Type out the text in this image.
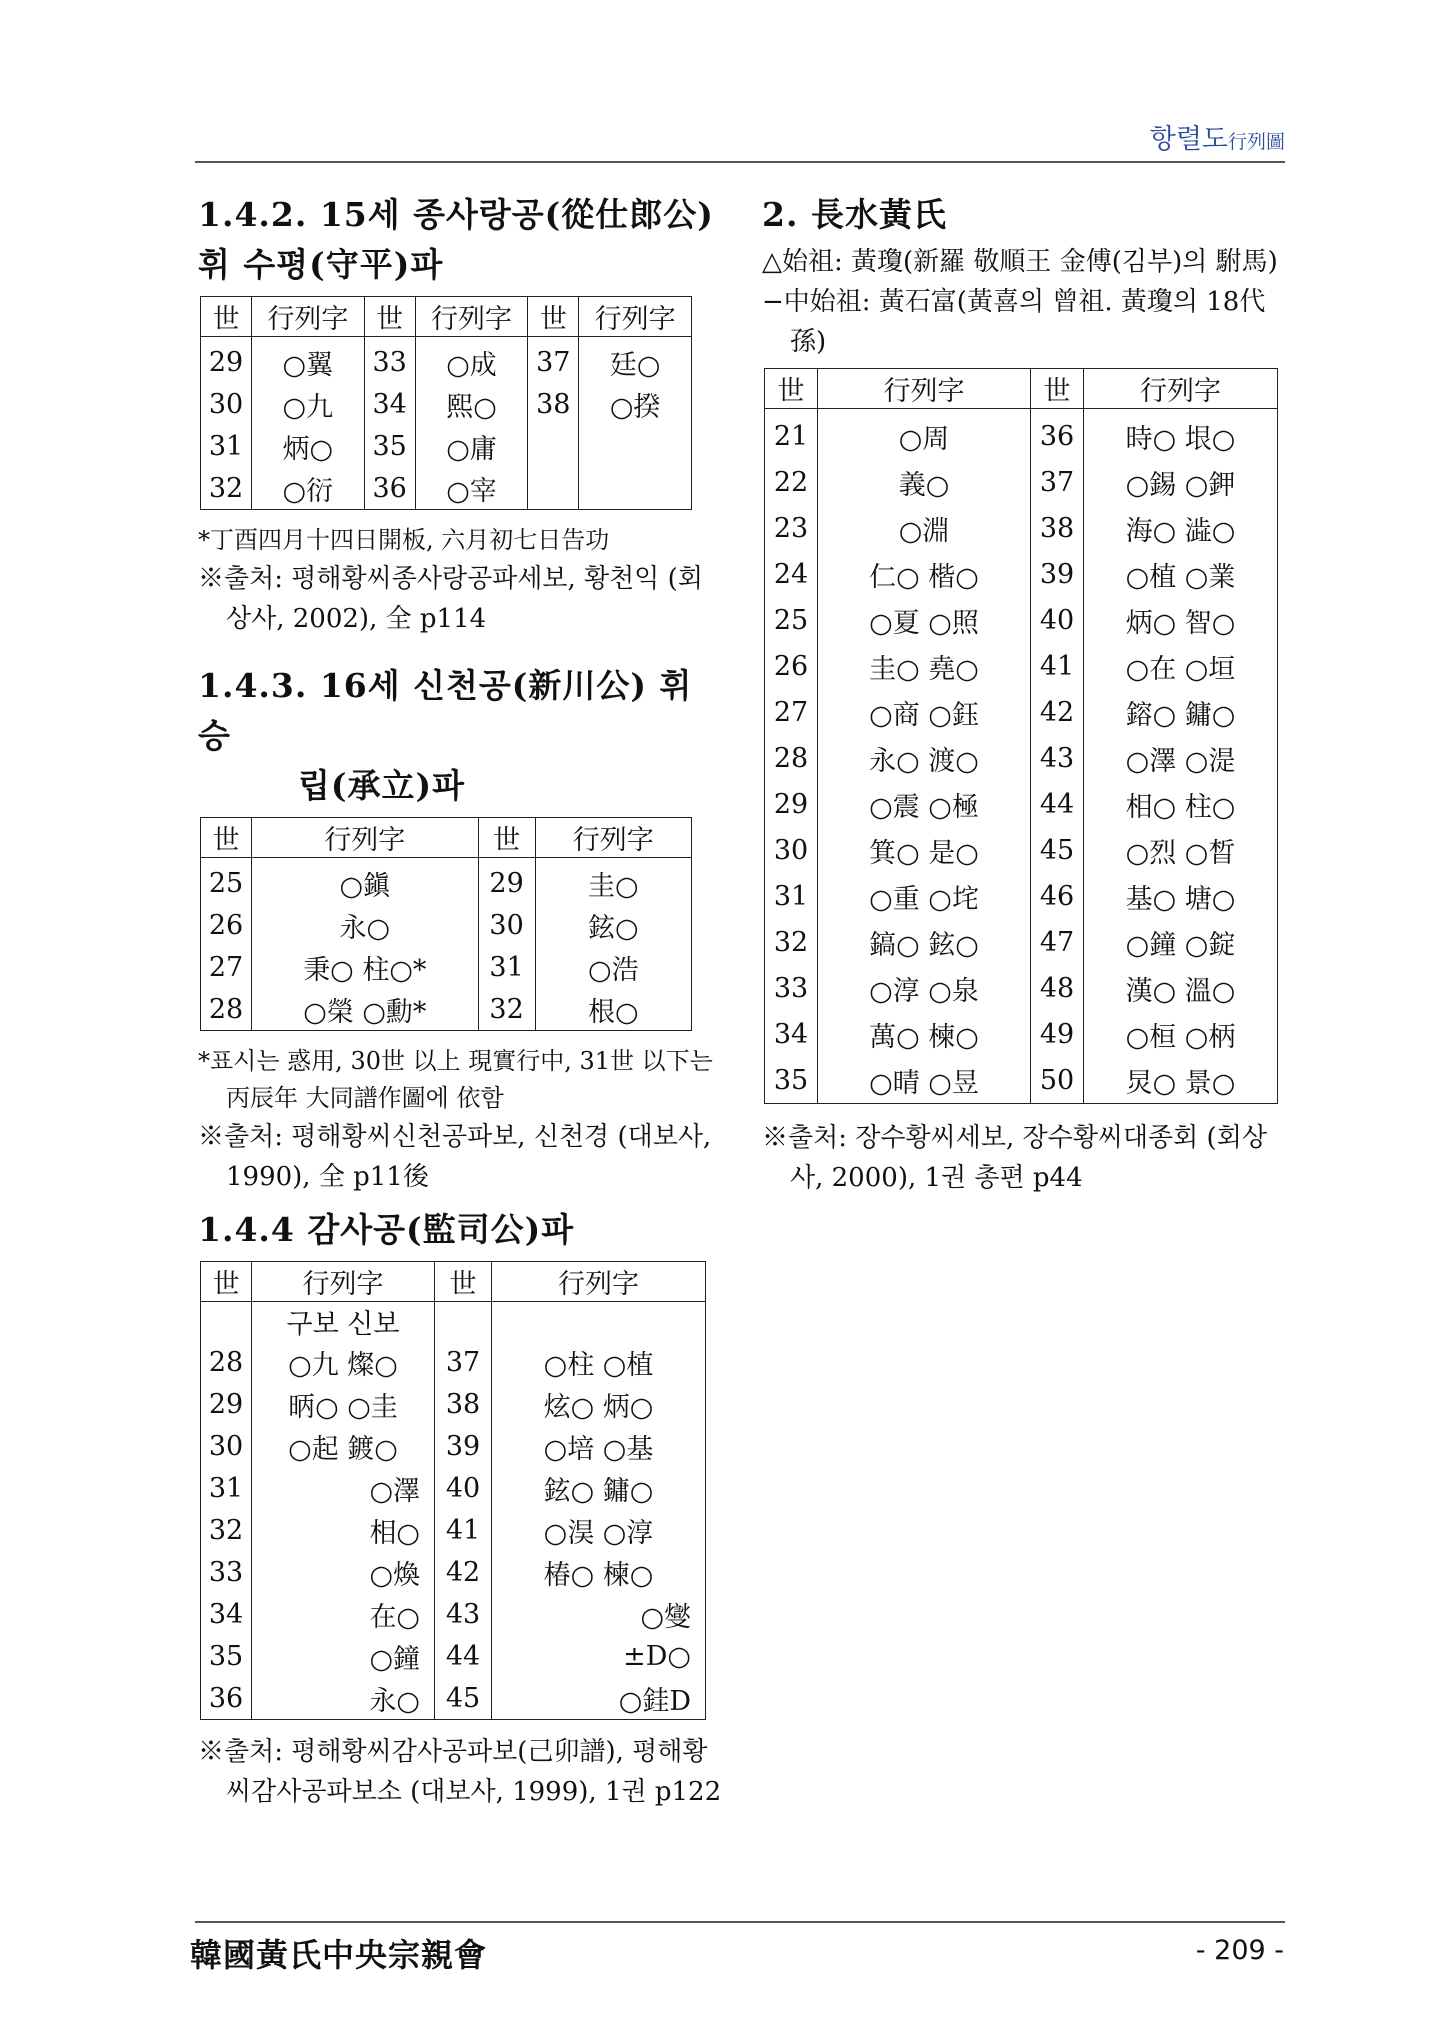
항렬도行列圖
1.4.2. 15세 종사랑공(從仕郎公)
휘 수평(守平)파
世	行列字	世	行列字	世	行列字
29	○翼	33	○成	37	廷○
30	○九	34	熙○	38	○揆
31	炳○	35	○庸		
32	○衍	36	○宰		

*丁酉四月十四日開板, 六月初七日告功

※출처: 평해황씨종사랑공파세보, 황천익 (회상사, 2002), 全 p114

1.4.3. 16세 신천공(新川公) 휘 승
립(承立)파
世	行列字	世	行列字
25	○鎭	29	圭○
26	永○	30	鉉○
27	秉○ 柱○*	31	○浩
28	○榮 ○勳*	32	根○

*표시는 惑用, 30世 以上 現實行中, 31世 以下는 丙辰年 大同譜作圖에 依함

※출처: 평해황씨신천공파보, 신천경 (대보사, 1990), 全 p11後

1.4.4 감사공(監司公)파
世	行列字	世	行列字
	구보 신보		
28	○九 燦○	37	○柱 ○植
29	昞○ ○圭	38	炫○ 炳○
30	○起 鍍○	39	○培 ○基
31	○澤	40	鉉○ 鏞○
32	相○	41	○淏 ○淳
33	○煥	42	椿○ 楝○
34	在○	43	○燮
35	○鐘	44	±D○
36	永○	45	○銈D

※출처: 평해황씨감사공파보(己卯譜), 평해황씨감사공파보소 (대보사, 1999), 1권 p122

2. 長水黃氏

△始祖: 黃瓊(新羅 敬順王 金傅(김부)의 駙馬)

−中始祖: 黃石富(黃喜의 曾祖. 黃瓊의 18代孫)

世	行列字	世	行列字
21	○周	36	時○ 垠○
22	義○	37	○錫 ○鉀
23	○淵	38	海○ 澁○
24	仁○ 楷○	39	○植 ○業
25	○夏 ○照	40	炳○ 智○
26	圭○ 堯○	41	○在 ○垣
27	○商 ○鈺	42	鎔○ 鏞○
28	永○ 渡○	43	○澤 ○湜
29	○震 ○極	44	相○ 柱○
30	箕○ 是○	45	○烈 ○晳
31	○重 ○垞	46	基○ 塘○
32	鎬○ 鉉○	47	○鐘 ○錠
33	○淳 ○泉	48	漢○ 溫○
34	萬○ 楝○	49	○桓 ○柄
35	○晴 ○昱	50	炅○ 景○

※출처: 장수황씨세보, 장수황씨대종회 (회상사, 2000), 1권 총편 p44

韓國黃氏中央宗親會	- 209 -
